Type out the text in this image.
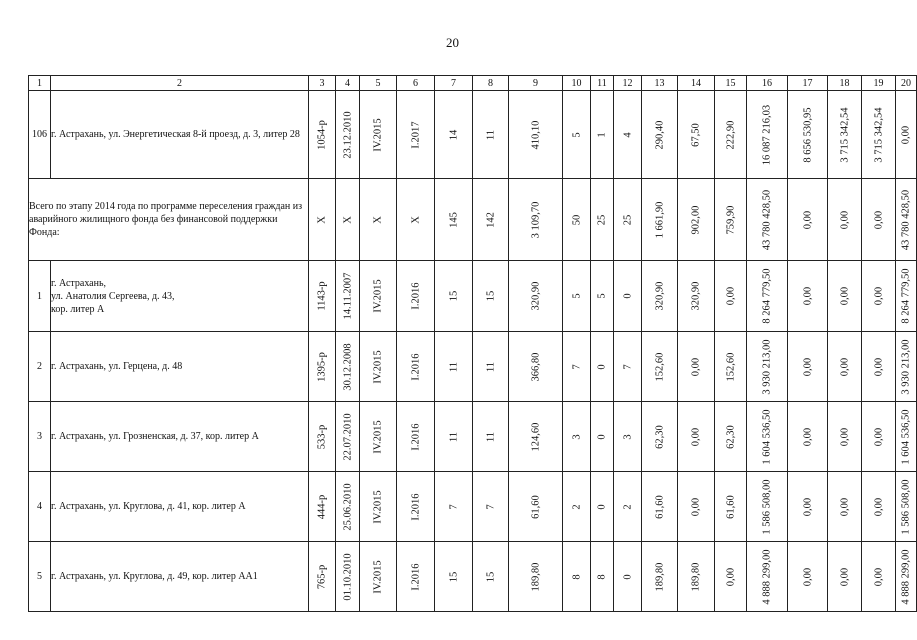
20
1	2	3	4	5	6	7	8	9	10	11	12	13	14	15	16	17	18	19	20
106	г. Астрахань, ул. Энергетическая 8-й проезд, д. 3, литер 28	1054-р	23.12.2010	IV.2015	I.2017	14	11	410,10	5	1	4	290,40	67,50	222,90	16 087 216,03	8 656 530,95	3 715 342,54	3 715 342,54	0,00

Всего по этапу 2014 года по программе переселения граждан из аварийного жилищного фонда без финансовой поддержки Фонда:		Х	Х	Х	Х	145	142	3 109,70	50	25	25	1 661,90	902,00	759,90	43 780 428,50	0,00	0,00	0,00	43 780 428,50

1	г. Астрахань,
ул. Анатолия Сергеева, д. 43,
кор. литер А	1143-р	14.11.2007	IV.2015	I.2016	15	15	320,90	5	5	0	320,90	320,90	0,00	8 264 779,50	0,00	0,00	0,00	8 264 779,50

2	г. Астрахань, ул. Герцена, д. 48	1395-р	30.12.2008	IV.2015	I.2016	11	11	366,80	7	0	7	152,60	0,00	152,60	3 930 213,00	0,00	0,00	0,00	3 930 213,00

3	г. Астрахань, ул. Грозненская, д. 37, кор. литер А	533-р	22.07.2010	IV.2015	I.2016	11	11	124,60	3	0	3	62,30	0,00	62,30	1 604 536,50	0,00	0,00	0,00	1 604 536,50

4	г. Астрахань, ул. Круглова, д. 41, кор. литер А	444-р	25.06.2010	IV.2015	I.2016	7	7	61,60	2	0	2	61,60	0,00	61,60	1 586 508,00	0,00	0,00	0,00	1 586 508,00

5	г. Астрахань, ул. Круглова, д. 49, кор. литер АА1	765-р	01.10.2010	IV.2015	I.2016	15	15	189,80	8	8	0	189,80	189,80	0,00	4 888 299,00	0,00	0,00	0,00	4 888 299,00
